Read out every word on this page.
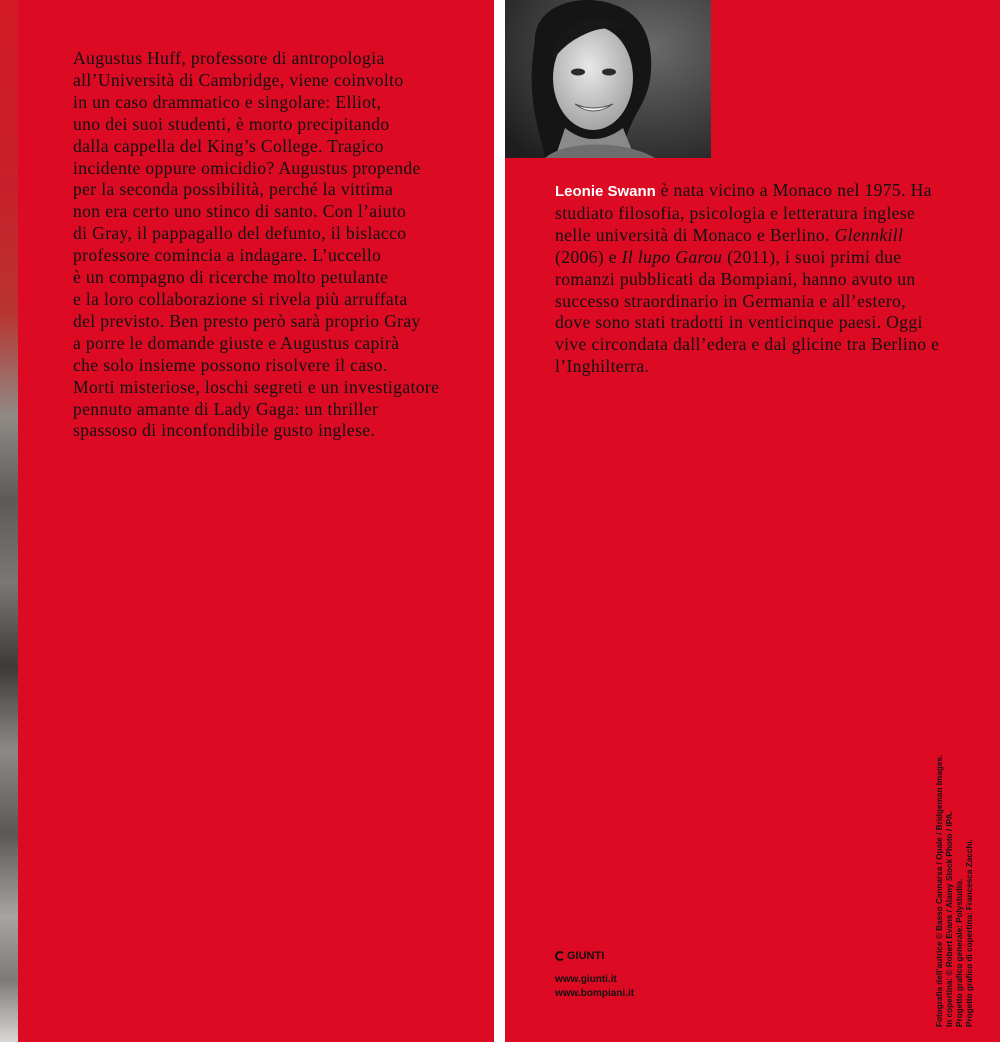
Augustus Huff, professore di antropologia
all’Università di Cambridge, viene coinvolto
in un caso drammatico e singolare: Elliot,
uno dei suoi studenti, è morto precipitando
dalla cappella del King’s College. Tragico
incidente oppure omicidio? Augustus propende
per la seconda possibilità, perché la vittima
non era certo uno stinco di santo. Con l’aiuto
di Gray, il pappagallo del defunto, il bislacco
professore comincia a indagare. L’uccello
è un compagno di ricerche molto petulante
e la loro collaborazione si rivela più arruffata
del previsto. Ben presto però sarà proprio Gray
a porre le domande giuste e Augustus capirà
che solo insieme possono risolvere il caso.
Morti misteriose, loschi segreti e un investigatore
pennuto amante di Lady Gaga: un thriller
spassoso di inconfondibile gusto inglese.

Leonie Swann è nata vicino a Monaco nel 1975. Ha studiato filosofia, psicologia e letteratura inglese nelle università di Monaco e Berlino. Glennkill (2006) e Il lupo Garou (2011), i suoi primi due romanzi pubblicati da Bompiani, hanno avuto un successo straordinario in Germania e all’estero, dove sono stati tradotti in venticinque paesi. Oggi vive circondata dall’edera e dal glicine tra Berlino e l’Inghilterra.

GIUNTI
www.giunti.it
www.bompiani.it	Fotografia dell’autrice © Basso Cannarsa / Opale / Bridgeman Images. In copertina: © Robert Evans / Alamy Stock Photo / IPA. Progetto grafico generale: Polystudio. Progetto grafico di copertina: Francesca Zacchi.
